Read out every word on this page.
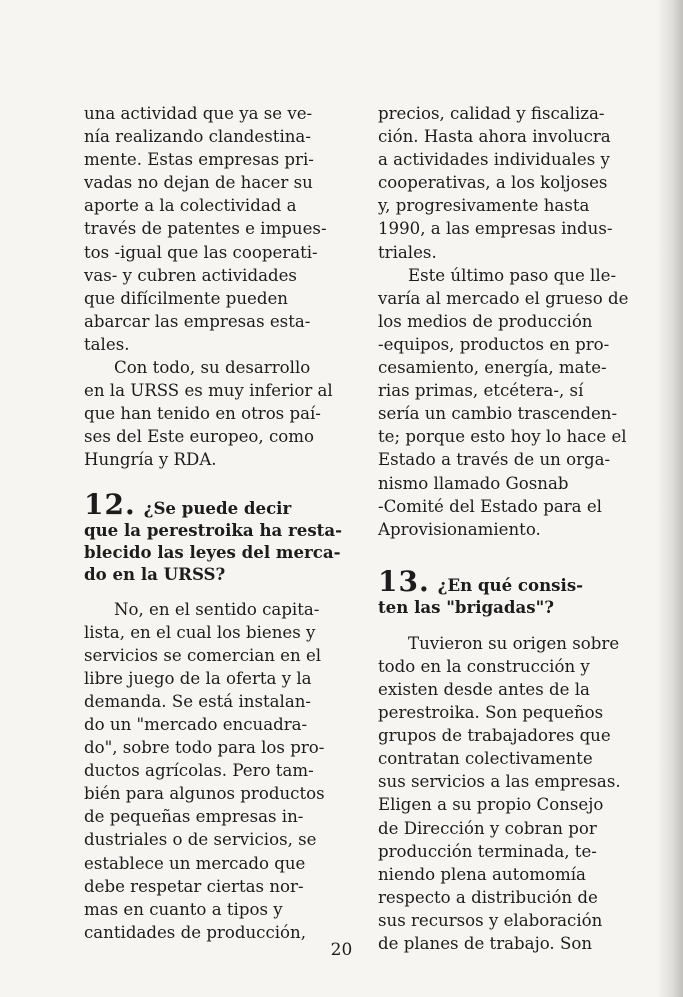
una actividad que ya se ve-
nía realizando clandestina-
mente. Estas empresas pri-
vadas no dejan de hacer su
aporte a la colectividad a
través de patentes e impues-
tos -igual que las cooperati-
vas- y cubren actividades
que difícilmente pueden
abarcar las empresas esta-
tales.

Con todo, su desarrollo
en la URSS es muy inferior al
que han tenido en otros paí-
ses del Este europeo, como
Hungría y RDA.

12. ¿Se puede decir
que la perestroika ha resta-
blecido las leyes del merca-
do en la URSS?

No, en el sentido capita-
lista, en el cual los bienes y
servicios se comercian en el
libre juego de la oferta y la
demanda. Se está instalan-
do un "mercado encuadra-
do", sobre todo para los pro-
ductos agrícolas. Pero tam-
bién para algunos productos
de pequeñas empresas in-
dustriales o de servicios, se
establece un mercado que
debe respetar ciertas nor-
mas en cuanto a tipos y
cantidades de producción,

precios, calidad y fiscaliza-
ción. Hasta ahora involucra
a actividades individuales y
cooperativas, a los koljoses
y, progresivamente hasta
1990, a las empresas indus-
triales.

Este último paso que lle-
varía al mercado el grueso de
los medios de producción
-equipos, productos en pro-
cesamiento, energía, mate-
rias primas, etcétera-, sí
sería un cambio trascenden-
te; porque esto hoy lo hace el
Estado a través de un orga-
nismo llamado Gosnab
-Comité del Estado para el
Aprovisionamiento.

13. ¿En qué consis-
ten las "brigadas"?

Tuvieron su origen sobre
todo en la construcción y
existen desde antes de la
perestroika. Son pequeños
grupos de trabajadores que
contratan colectivamente
sus servicios a las empresas.
Eligen a su propio Consejo
de Dirección y cobran por
producción terminada, te-
niendo plena automomía
respecto a distribución de
sus recursos y elaboración
de planes de trabajo. Son

20
